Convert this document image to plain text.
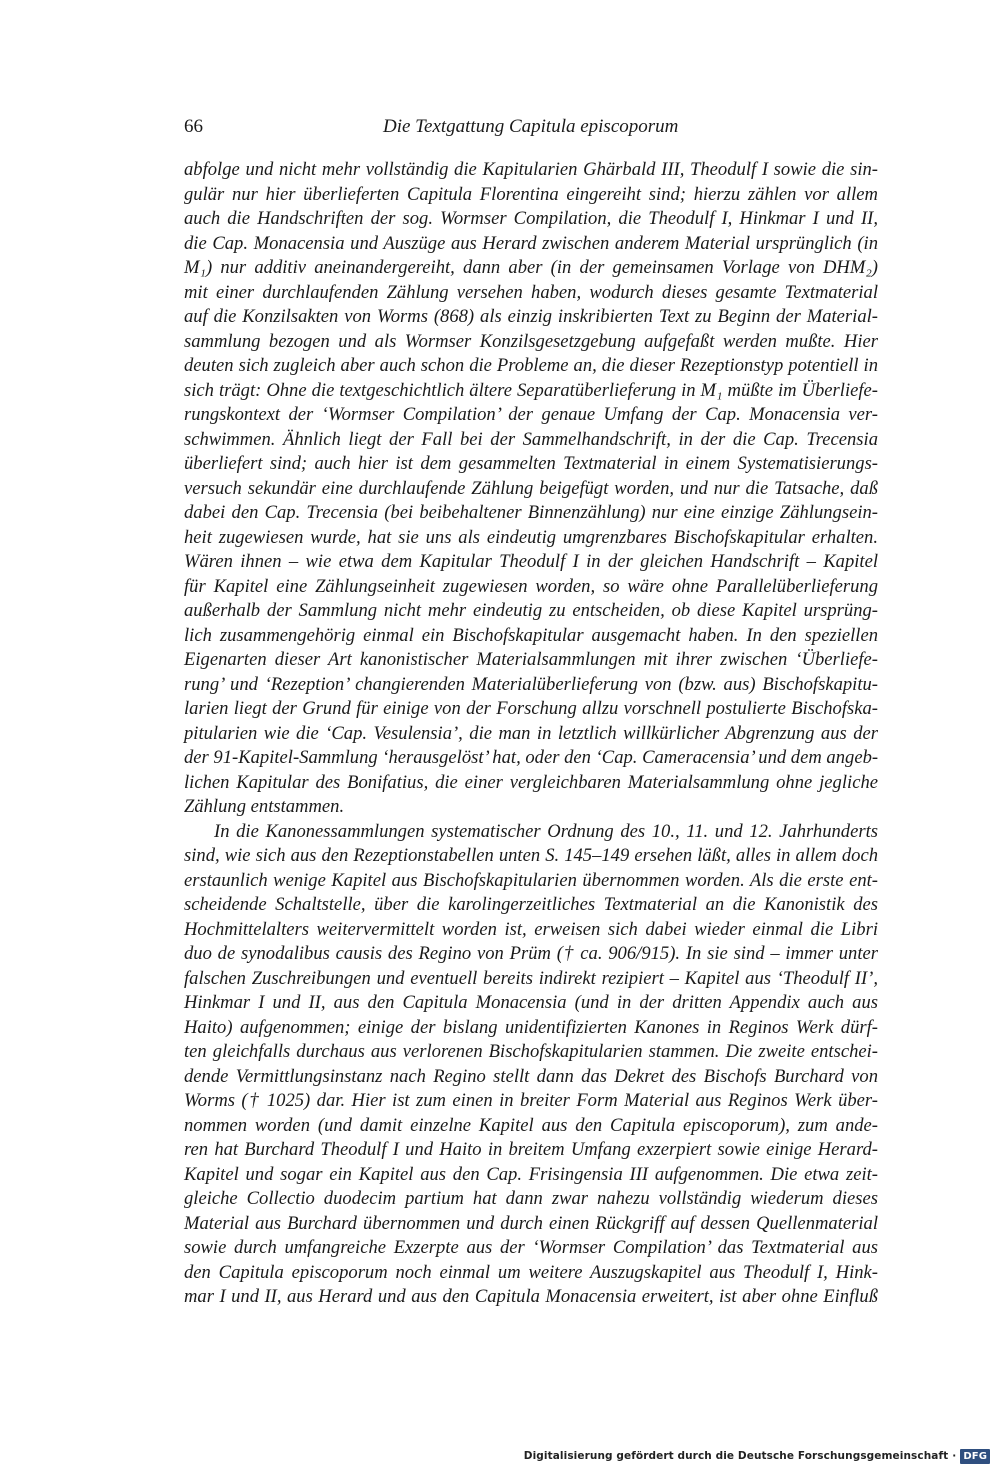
66	Die Textgattung Capitula episcoporum
abfolge und nicht mehr vollständig die Kapitularien Ghärbald III, Theodulf I sowie die sin-
gulär nur hier überlieferten Capitula Florentina eingereiht sind; hierzu zählen vor allem
auch die Handschriften der sog. Wormser Compilation, die Theodulf I, Hinkmar I und II,
die Cap. Monacensia und Auszüge aus Herard zwischen anderem Material ursprünglich (in
M₁) nur additiv aneinandergereiht, dann aber (in der gemeinsamen Vorlage von DHM₂)
mit einer durchlaufenden Zählung versehen haben, wodurch dieses gesamte Textmaterial
auf die Konzilsakten von Worms (868) als einzig inskribierten Text zu Beginn der Material-
sammlung bezogen und als Wormser Konzilsgesetzgebung aufgefaßt werden mußte. Hier
deuten sich zugleich aber auch schon die Probleme an, die dieser Rezeptionstyp potentiell in
sich trägt: Ohne die textgeschichtlich ältere Separatüberlieferung in M₁ müßte im Überliefe-
rungskontext der ‘Wormser Compilation’ der genaue Umfang der Cap. Monacensia ver-
schwimmen. Ähnlich liegt der Fall bei der Sammelhandschrift, in der die Cap. Trecensia
überliefert sind; auch hier ist dem gesammelten Textmaterial in einem Systematisierungs-
versuch sekundär eine durchlaufende Zählung beigefügt worden, und nur die Tatsache, daß
dabei den Cap. Trecensia (bei beibehaltener Binnenzählung) nur eine einzige Zählungsein-
heit zugewiesen wurde, hat sie uns als eindeutig umgrenzbares Bischofskapitular erhalten.
Wären ihnen – wie etwa dem Kapitular Theodulf I in der gleichen Handschrift – Kapitel
für Kapitel eine Zählungseinheit zugewiesen worden, so wäre ohne Parallelüberlieferung
außerhalb der Sammlung nicht mehr eindeutig zu entscheiden, ob diese Kapitel ursprüng-
lich zusammengehörig einmal ein Bischofskapitular ausgemacht haben. In den speziellen
Eigenarten dieser Art kanonistischer Materialsammlungen mit ihrer zwischen ‘Überliefe-
rung’ und ‘Rezeption’ changierenden Materialüberlieferung von (bzw. aus) Bischofskapitu-
larien liegt der Grund für einige von der Forschung allzu vorschnell postulierte Bischofska-
pitularien wie die ‘Cap. Vesulensia’, die man in letztlich willkürlicher Abgrenzung aus der
der 91-Kapitel-Sammlung ‘herausgelöst’ hat, oder den ‘Cap. Cameracensia’ und dem angeb-
lichen Kapitular des Bonifatius, die einer vergleichbaren Materialsammlung ohne jegliche
Zählung entstammen.
In die Kanonessammlungen systematischer Ordnung des 10., 11. und 12. Jahrhunderts
sind, wie sich aus den Rezeptionstabellen unten S. 145–149 ersehen läßt, alles in allem doch
erstaunlich wenige Kapitel aus Bischofskapitularien übernommen worden. Als die erste ent-
scheidende Schaltstelle, über die karolingerzeitliches Textmaterial an die Kanonistik des
Hochmittelalters weitervermittelt worden ist, erweisen sich dabei wieder einmal die Libri
duo de synodalibus causis des Regino von Prüm († ca. 906/915). In sie sind – immer unter
falschen Zuschreibungen und eventuell bereits indirekt rezipiert – Kapitel aus ‘Theodulf II’,
Hinkmar I und II, aus den Capitula Monacensia (und in der dritten Appendix auch aus
Haito) aufgenommen; einige der bislang unidentifizierten Kanones in Reginos Werk dürf-
ten gleichfalls durchaus aus verlorenen Bischofskapitularien stammen. Die zweite entschei-
dende Vermittlungsinstanz nach Regino stellt dann das Dekret des Bischofs Burchard von
Worms († 1025) dar. Hier ist zum einen in breiter Form Material aus Reginos Werk über-
nommen worden (und damit einzelne Kapitel aus den Capitula episcoporum), zum ande-
ren hat Burchard Theodulf I und Haito in breitem Umfang exzerpiert sowie einige Herard-
Kapitel und sogar ein Kapitel aus den Cap. Frisingensia III aufgenommen. Die etwa zeit-
gleiche Collectio duodecim partium hat dann zwar nahezu vollständig wiederum dieses
Material aus Burchard übernommen und durch einen Rückgriff auf dessen Quellenmaterial
sowie durch umfangreiche Exzerpte aus der ‘Wormser Compilation’ das Textmaterial aus
den Capitula episcoporum noch einmal um weitere Auszugskapitel aus Theodulf I, Hink-
mar I und II, aus Herard und aus den Capitula Monacensia erweitert, ist aber ohne Einfluß
Digitalisierung gefördert durch die Deutsche Forschungsgemeinschaft · DFG
